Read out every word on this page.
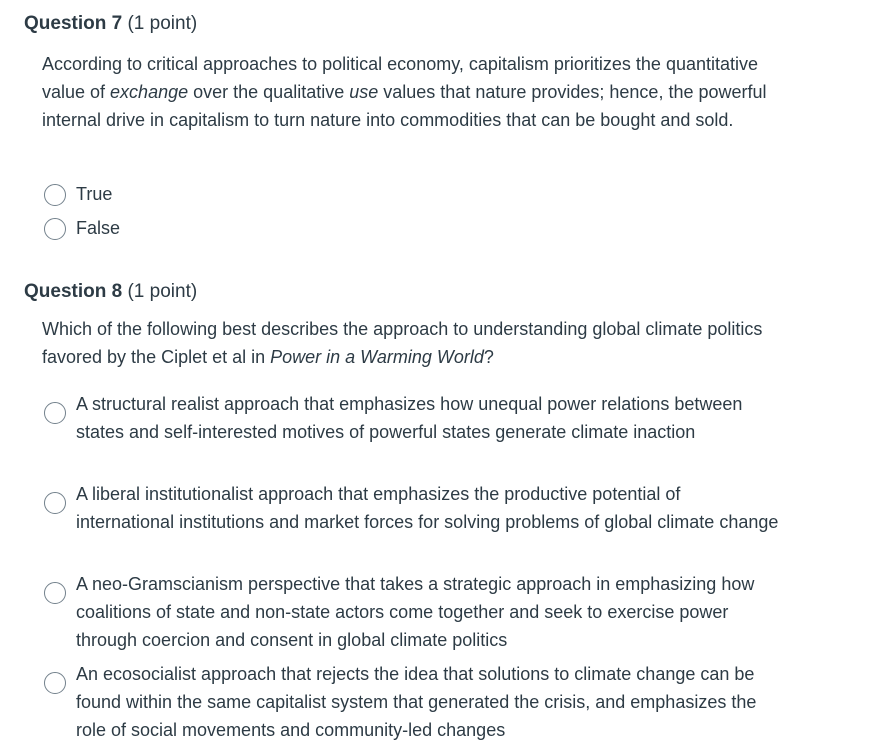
Question 7 (1 point)
According to critical approaches to political economy, capitalism prioritizes the quantitative value of exchange over the qualitative use values that nature provides; hence, the powerful internal drive in capitalism to turn nature into commodities that can be bought and sold.
True
False
Question 8 (1 point)
Which of the following best describes the approach to understanding global climate politics favored by the Ciplet et al in Power in a Warming World?
A structural realist approach that emphasizes how unequal power relations between states and self-interested motives of powerful states generate climate inaction
A liberal institutionalist approach that emphasizes the productive potential of international institutions and market forces for solving problems of global climate change
A neo-Gramscianism perspective that takes a strategic approach in emphasizing how coalitions of state and non-state actors come together and seek to exercise power through coercion and consent in global climate politics
An ecosocialist approach that rejects the idea that solutions to climate change can be found within the same capitalist system that generated the crisis, and emphasizes the role of social movements and community-led changes
